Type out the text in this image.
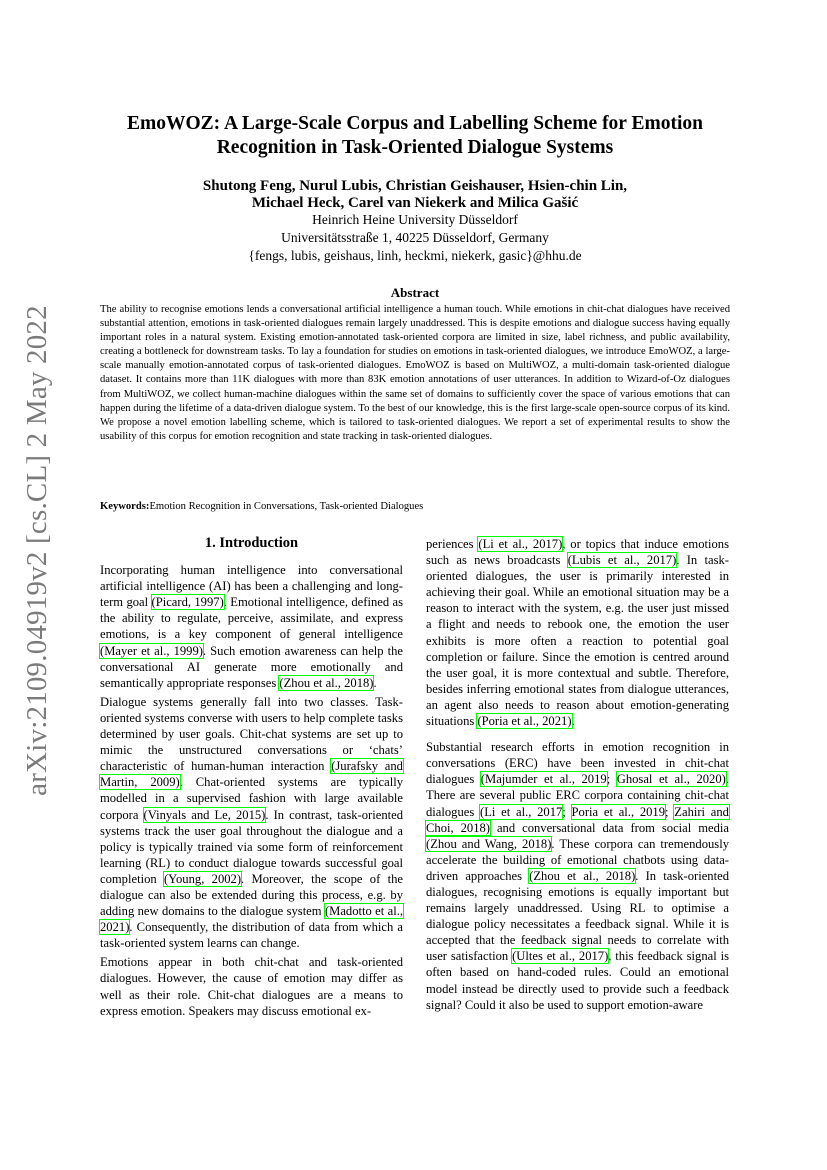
arXiv:2109.04919v2 [cs.CL] 2 May 2022
EmoWOZ: A Large-Scale Corpus and Labelling Scheme for Emotion
Recognition in Task-Oriented Dialogue Systems
Shutong Feng, Nurul Lubis, Christian Geishauser, Hsien-chin Lin,
Michael Heck, Carel van Niekerk and Milica Gašić
Heinrich Heine University Düsseldorf
Universitätsstraße 1, 40225 Düsseldorf, Germany
{fengs, lubis, geishaus, linh, heckmi, niekerk, gasic}@hhu.de
Abstract
The ability to recognise emotions lends a conversational artificial intelligence a human touch. While emotions in chit-chat dialogues have received substantial attention, emotions in task-oriented dialogues remain largely unaddressed. This is despite emotions and dialogue success having equally important roles in a natural system. Existing emotion-annotated task-oriented corpora are limited in size, label richness, and public availability, creating a bottleneck for downstream tasks. To lay a foundation for studies on emotions in task-oriented dialogues, we introduce EmoWOZ, a large-scale manually emotion-annotated corpus of task-oriented dialogues. EmoWOZ is based on MultiWOZ, a multi-domain task-oriented dialogue dataset. It contains more than 11K dialogues with more than 83K emotion annotations of user utterances. In addition to Wizard-of-Oz dialogues from MultiWOZ, we collect human-machine dialogues within the same set of domains to sufficiently cover the space of various emotions that can happen during the lifetime of a data-driven dialogue system. To the best of our knowledge, this is the first large-scale open-source corpus of its kind. We propose a novel emotion labelling scheme, which is tailored to task-oriented dialogues. We report a set of experimental results to show the usability of this corpus for emotion recognition and state tracking in task-oriented dialogues.
Keywords:Emotion Recognition in Conversations, Task-oriented Dialogues
1. Introduction

Incorporating human intelligence into conversational artificial intelligence (AI) has been a challenging and long-term goal (Picard, 1997). Emotional intelligence, defined as the ability to regulate, perceive, assimilate, and express emotions, is a key component of general intelligence (Mayer et al., 1999). Such emotion awareness can help the conversational AI generate more emotionally and semantically appropriate responses (Zhou et al., 2018).

Dialogue systems generally fall into two classes. Task-oriented systems converse with users to help complete tasks determined by user goals. Chit-chat systems are set up to mimic the unstructured conversations or ‘chats’ characteristic of human-human interaction (Jurafsky and Martin, 2009). Chat-oriented systems are typically modelled in a supervised fashion with large available corpora (Vinyals and Le, 2015). In contrast, task-oriented systems track the user goal throughout the dialogue and a policy is typically trained via some form of reinforcement learning (RL) to conduct dialogue towards successful goal completion (Young, 2002). Moreover, the scope of the dialogue can also be extended during this process, e.g. by adding new domains to the dialogue system (Madotto et al., 2021). Consequently, the distribution of data from which a task-oriented system learns can change.

Emotions appear in both chit-chat and task-oriented dialogues. However, the cause of emotion may differ as well as their role. Chit-chat dialogues are a means to express emotion. Speakers may discuss emotional ex-

periences (Li et al., 2017), or topics that induce emotions such as news broadcasts (Lubis et al., 2017). In task-oriented dialogues, the user is primarily interested in achieving their goal. While an emotional situation may be a reason to interact with the system, e.g. the user just missed a flight and needs to rebook one, the emotion the user exhibits is more often a reaction to potential goal completion or failure. Since the emotion is centred around the user goal, it is more contextual and subtle. Therefore, besides inferring emotional states from dialogue utterances, an agent also needs to reason about emotion-generating situations (Poria et al., 2021).

Substantial research efforts in emotion recognition in conversations (ERC) have been invested in chit-chat dialogues (Majumder et al., 2019; Ghosal et al., 2020). There are several public ERC corpora containing chit-chat dialogues (Li et al., 2017; Poria et al., 2019; Zahiri and Choi, 2018) and conversational data from social media (Zhou and Wang, 2018). These corpora can tremendously accelerate the building of emotional chatbots using data-driven approaches (Zhou et al., 2018). In task-oriented dialogues, recognising emotions is equally important but remains largely unaddressed. Using RL to optimise a dialogue policy necessitates a feedback signal. While it is accepted that the feedback signal needs to correlate with user satisfaction (Ultes et al., 2017), this feedback signal is often based on hand-coded rules. Could an emotional model instead be directly used to provide such a feedback signal? Could it also be used to support emotion-aware
